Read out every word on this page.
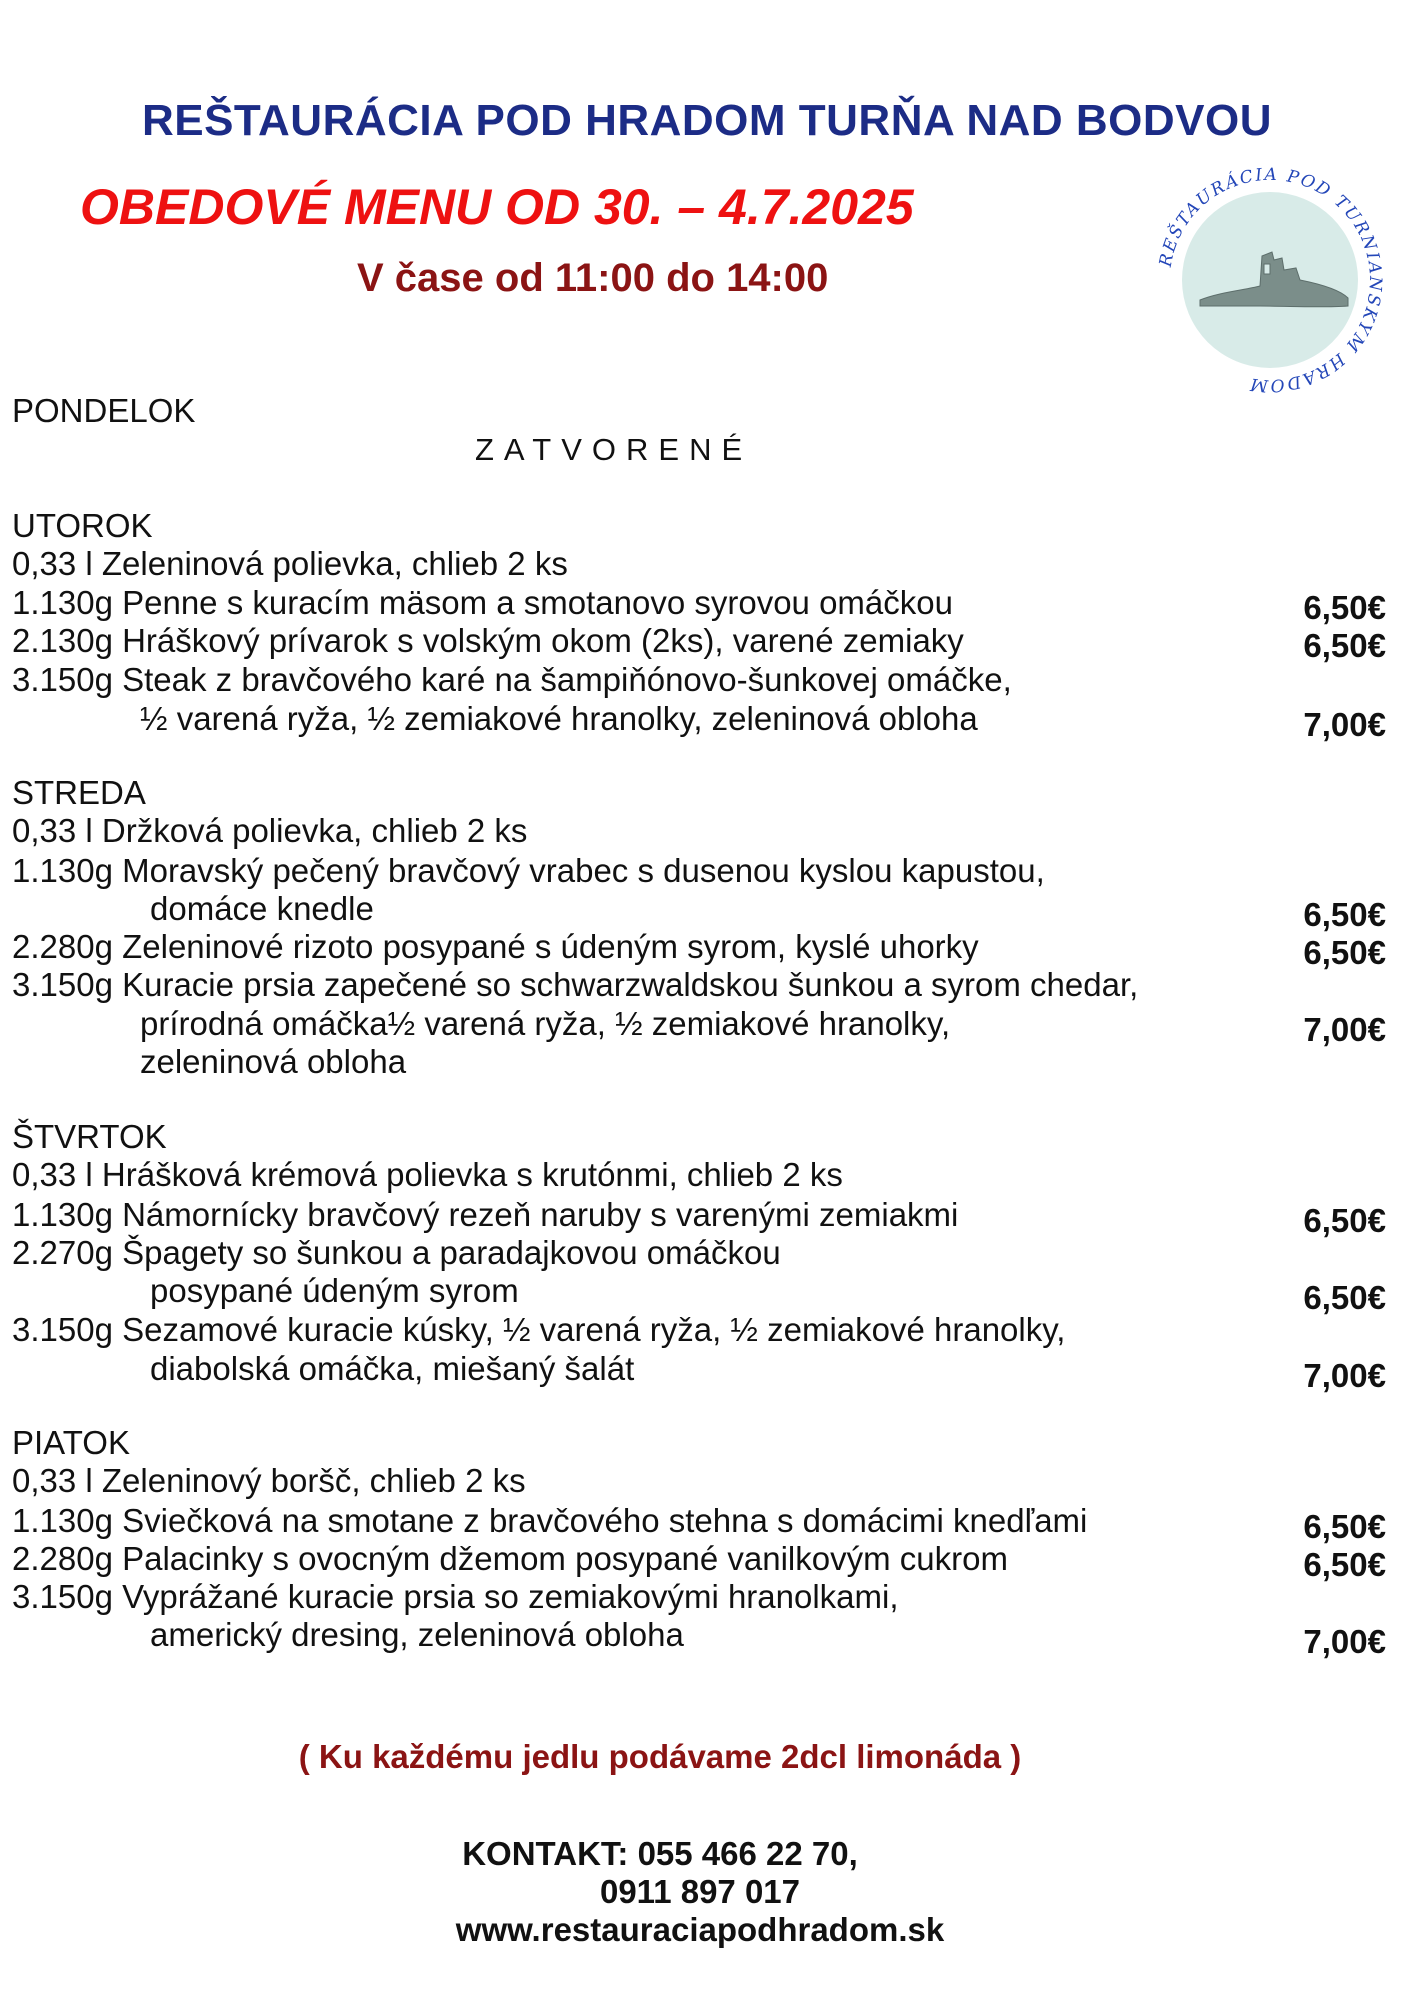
REŠTAURÁCIA POD HRADOM TURŇA NAD BODVOU
OBEDOVÉ MENU OD 30. – 4.7.2025
V čase od 11:00 do 14:00	REŠTAURÁCIA POD TURNIANSKYM HRADOM
PONDELOK
ZATVORENÉ
UTOROK
0,33 l Zeleninová polievka, chlieb 2 ks
1.130g Penne s kuracím mäsom a smotanovo syrovou omáčkou	6,50€
2.130g Hráškový prívarok s volským okom (2ks), varené zemiaky	6,50€
3.150g Steak z bravčového karé na šampiňónovo-šunkovej omáčke,
½ varená ryža, ½ zemiakové hranolky, zeleninová obloha	7,00€
STREDA
0,33 l Držková polievka, chlieb 2 ks
1.130g Moravský pečený bravčový vrabec s dusenou kyslou kapustou,
domáce knedle	6,50€
2.280g Zeleninové rizoto posypané s údeným syrom, kyslé uhorky	6,50€
3.150g Kuracie prsia zapečené so schwarzwaldskou šunkou a syrom chedar,
prírodná omáčka½ varená ryža, ½ zemiakové hranolky,	7,00€
zeleninová obloha
ŠTVRTOK
0,33 l Hrášková krémová polievka s krutónmi, chlieb 2 ks
1.130g Námornícky bravčový rezeň naruby s varenými zemiakmi	6,50€
2.270g Špagety so šunkou a paradajkovou omáčkou
posypané údeným syrom	6,50€
3.150g Sezamové kuracie kúsky, ½ varená ryža, ½ zemiakové hranolky,
diabolská omáčka, miešaný šalát	7,00€
PIATOK
0,33 l Zeleninový boršč, chlieb 2 ks
1.130g Sviečková na smotane z bravčového stehna s domácimi knedľami	6,50€
2.280g Palacinky s ovocným džemom posypané vanilkovým cukrom	6,50€
3.150g Vyprážané kuracie prsia so zemiakovými hranolkami,
americký dresing, zeleninová obloha	7,00€
( Ku každému jedlu podávame 2dcl limonáda )
KONTAKT: 055 466 22 70,
0911 897 017
www.restauraciapodhradom.sk
